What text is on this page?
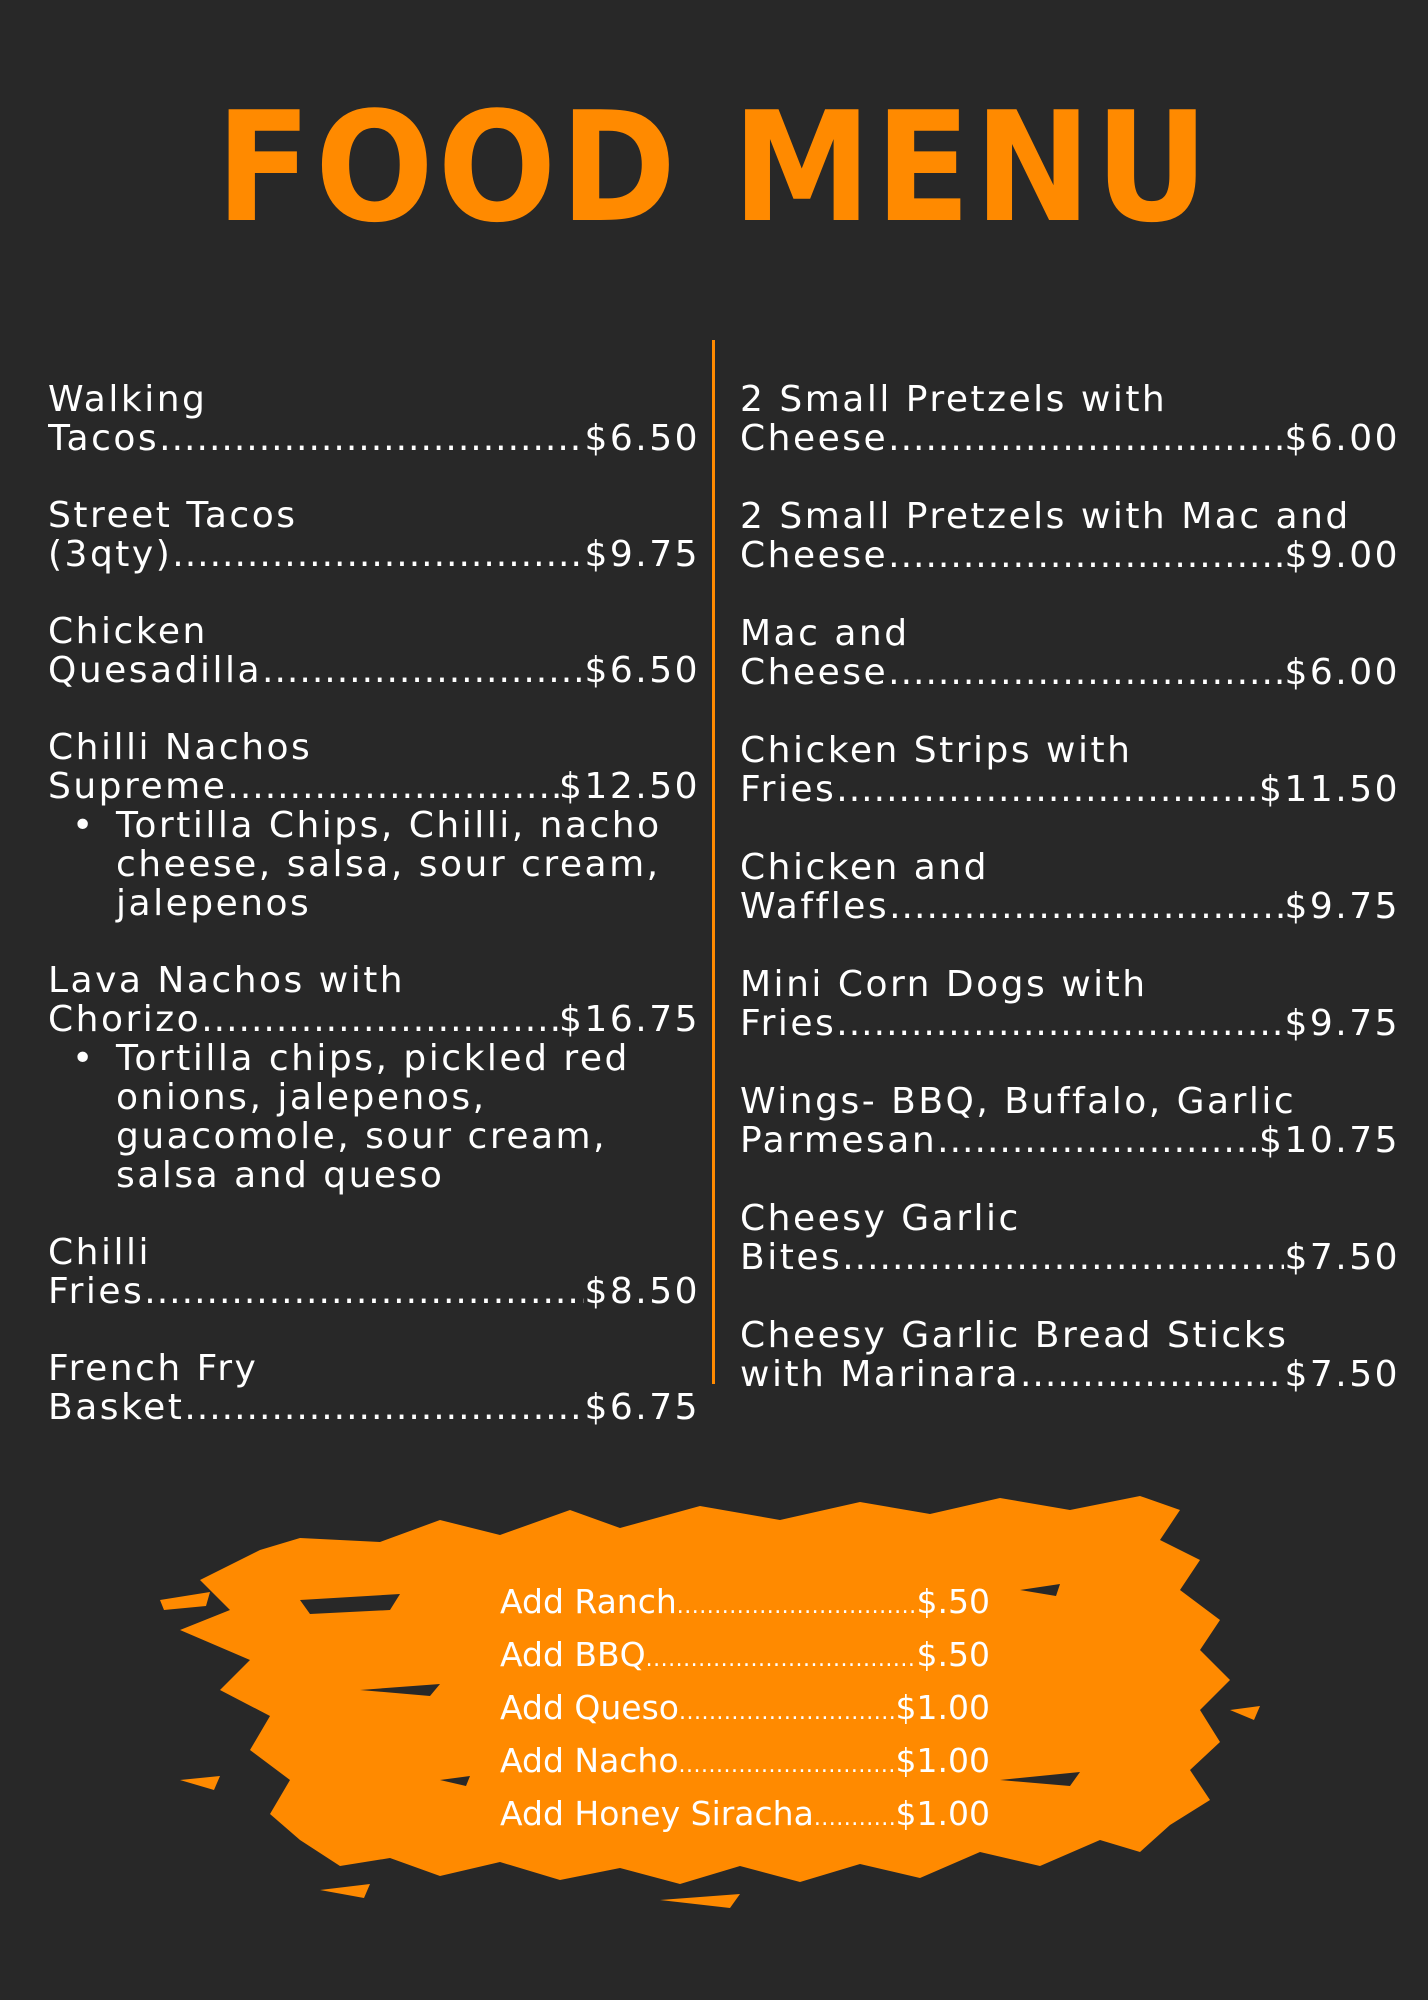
FOOD MENU
Walking
Tacos .....	$6.50
Street Tacos
(3qty) .....	$9.75
Chicken
Quesadilla .....	$6.50
Chilli Nachos
Supreme .....	$12.50
• Tortilla Chips, Chilli, nacho
cheese, salsa, sour cream,
jalepenos
Lava Nachos with
Chorizo .....	$16.75
• Tortilla chips, pickled red
onions, jalepenos,
guacomole, sour cream,
salsa and queso
Chilli
Fries .....	$8.50
French Fry
Basket .....	$6.75
2 Small Pretzels with
Cheese .....	$6.00
2 Small Pretzels with Mac and
Cheese .....	$9.00
Mac and
Cheese .....	$6.00
Chicken Strips with
Fries .....	$11.50
Chicken and
Waffles .....	$9.75
Mini Corn Dogs with
Fries .....	$9.75
Wings- BBQ, Buffalo, Garlic
Parmesan .....	$10.75
Cheesy Garlic
Bites .....	$7.50
Cheesy Garlic Bread Sticks
with Marinara .....	$7.50
Add Ranch .....	$.50
Add BBQ .....	$.50
Add Queso .....	$1.00
Add Nacho .....	$1.00
Add Honey Siracha ..... $1.00
